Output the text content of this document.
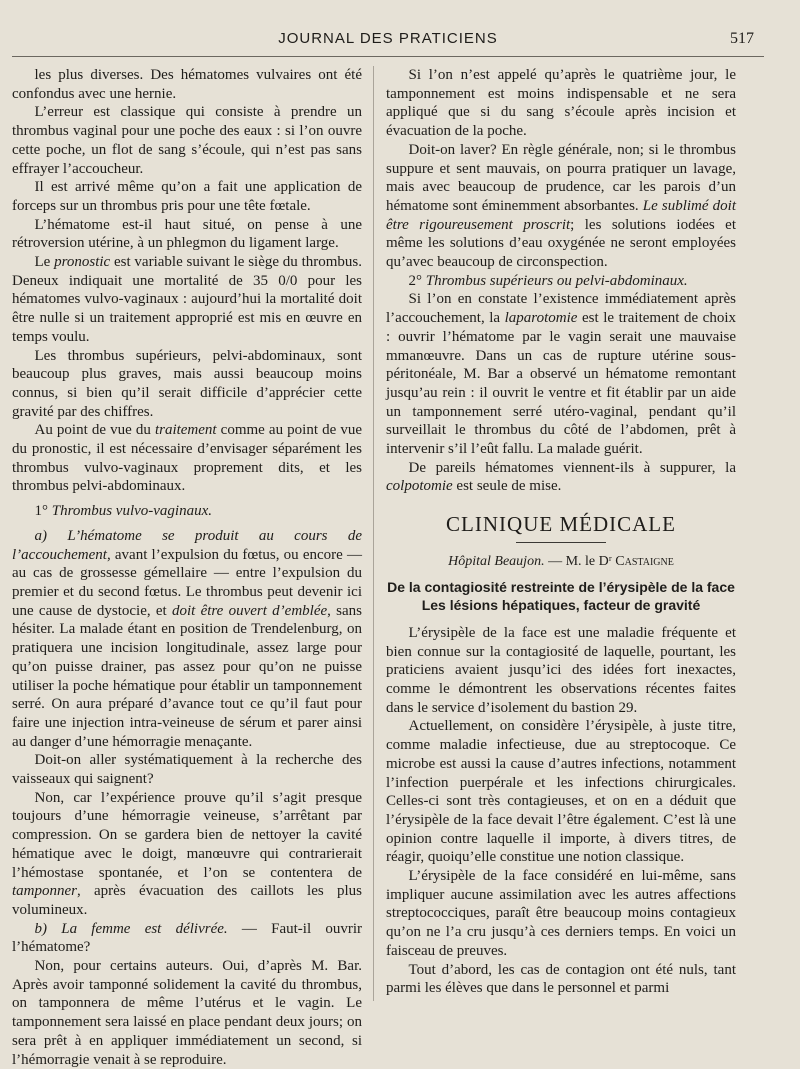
JOURNAL DES PRATICIENS	517

les plus diverses. Des hématomes vulvaires ont été confondus avec une hernie.

L’erreur est classique qui consiste à prendre un thrombus vaginal pour une poche des eaux : si l’on ouvre cette poche, un flot de sang s’écoule, qui n’est pas sans effrayer l’accoucheur.

Il est arrivé même qu’on a fait une application de forceps sur un thrombus pris pour une tête fœtale.

L’hématome est-il haut situé, on pense à une rétroversion utérine, à un phlegmon du ligament large.

Le pronostic est variable suivant le siège du thrombus. Deneux indiquait une mortalité de 35 0/0 pour les hématomes vulvo-vaginaux : aujourd’hui la mortalité doit être nulle si un traitement approprié est mis en œuvre en temps voulu.

Les thrombus supérieurs, pelvi-abdominaux, sont beaucoup plus graves, mais aussi beaucoup moins connus, si bien qu’il serait difficile d’apprécier cette gravité par des chiffres.

Au point de vue du traitement comme au point de vue du pronostic, il est nécessaire d’envisager séparément les thrombus vulvo-vaginaux proprement dits, et les thrombus pelvi-abdominaux.

1° Thrombus vulvo-vaginaux.

a) L’hématome se produit au cours de l’accouchement, avant l’expulsion du fœtus, ou encore — au cas de grossesse gémellaire — entre l’expulsion du premier et du second fœtus. Le thrombus peut devenir ici une cause de dystocie, et doit être ouvert d’emblée, sans hésiter. La malade étant en position de Trendelenburg, on pratiquera une incision longitudinale, assez large pour qu’on puisse drainer, pas assez pour qu’on ne puisse utiliser la poche hématique pour établir un tamponnement serré. On aura préparé d’avance tout ce qu’il faut pour faire une injection intra-veineuse de sérum et parer ainsi au danger d’une hémorragie menaçante.

Doit-on aller systématiquement à la recherche des vaisseaux qui saignent?

Non, car l’expérience prouve qu’il s’agit presque toujours d’une hémorragie veineuse, s’arrêtant par compression. On se gardera bien de nettoyer la cavité hématique avec le doigt, manœuvre qui contrarierait l’hémostase spontanée, et l’on se contentera de tamponner, après évacuation des caillots les plus volumineux.

b) La femme est délivrée. — Faut-il ouvrir l’hématome?

Non, pour certains auteurs. Oui, d’après M. Bar. Après avoir tamponné solidement la cavité du thrombus, on tamponnera de même l’utérus et le vagin. Le tamponnement sera laissé en place pendant deux jours; on sera prêt à en appliquer immédiatement un second, si l’hémorragie venait à se reproduire.

Si l’on n’est appelé qu’après le quatrième jour, le tamponnement est moins indispensable et ne sera appliqué que si du sang s’écoule après incision et évacuation de la poche.

Doit-on laver? En règle générale, non; si le thrombus suppure et sent mauvais, on pourra pratiquer un lavage, mais avec beaucoup de prudence, car les parois d’un hématome sont éminemment absorbantes. Le sublimé doit être rigoureusement proscrit; les solutions iodées et même les solutions d’eau oxygénée ne seront employées qu’avec beaucoup de circonspection.

2° Thrombus supérieurs ou pelvi-abdominaux.

Si l’on en constate l’existence immédiatement après l’accouchement, la laparotomie est le traitement de choix : ouvrir l’hématome par le vagin serait une mauvaise mmanœuvre. Dans un cas de rupture utérine sous-péritonéale, M. Bar a observé un hématome remontant jusqu’au rein : il ouvrit le ventre et fit établir par un aide un tamponnement serré utéro-vaginal, pendant qu’il surveillait le thrombus du côté de l’abdomen, prêt à intervenir s’il l’eût fallu. La malade guérit.

De pareils hématomes viennent-ils à suppurer, la colpotomie est seule de mise.

CLINIQUE MÉDICALE

Hôpital Beaujon. — M. le Dʳ Castaigne

De la contagiosité restreinte de l’érysipèle de la face
Les lésions hépatiques, facteur de gravité

L’érysipèle de la face est une maladie fréquente et bien connue sur la contagiosité de laquelle, pourtant, les praticiens avaient jusqu’ici des idées fort inexactes, comme le démontrent les observations récentes faites dans le service d’isolement du bastion 29.

Actuellement, on considère l’érysipèle, à juste titre, comme maladie infectieuse, due au streptocoque. Ce microbe est aussi la cause d’autres infections, notamment l’infection puerpérale et les infections chirurgicales. Celles-ci sont très contagieuses, et on en a déduit que l’érysipèle de la face devait l’être également. C’est là une opinion contre laquelle il importe, à divers titres, de réagir, quoiqu’elle constitue une notion classique.

L’érysipèle de la face considéré en lui-même, sans impliquer aucune assimilation avec les autres affections streptococciques, paraît être beaucoup moins contagieux qu’on ne l’a cru jusqu’à ces derniers temps. En voici un faisceau de preuves.

Tout d’abord, les cas de contagion ont été nuls, tant parmi les élèves que dans le personnel et parmi
